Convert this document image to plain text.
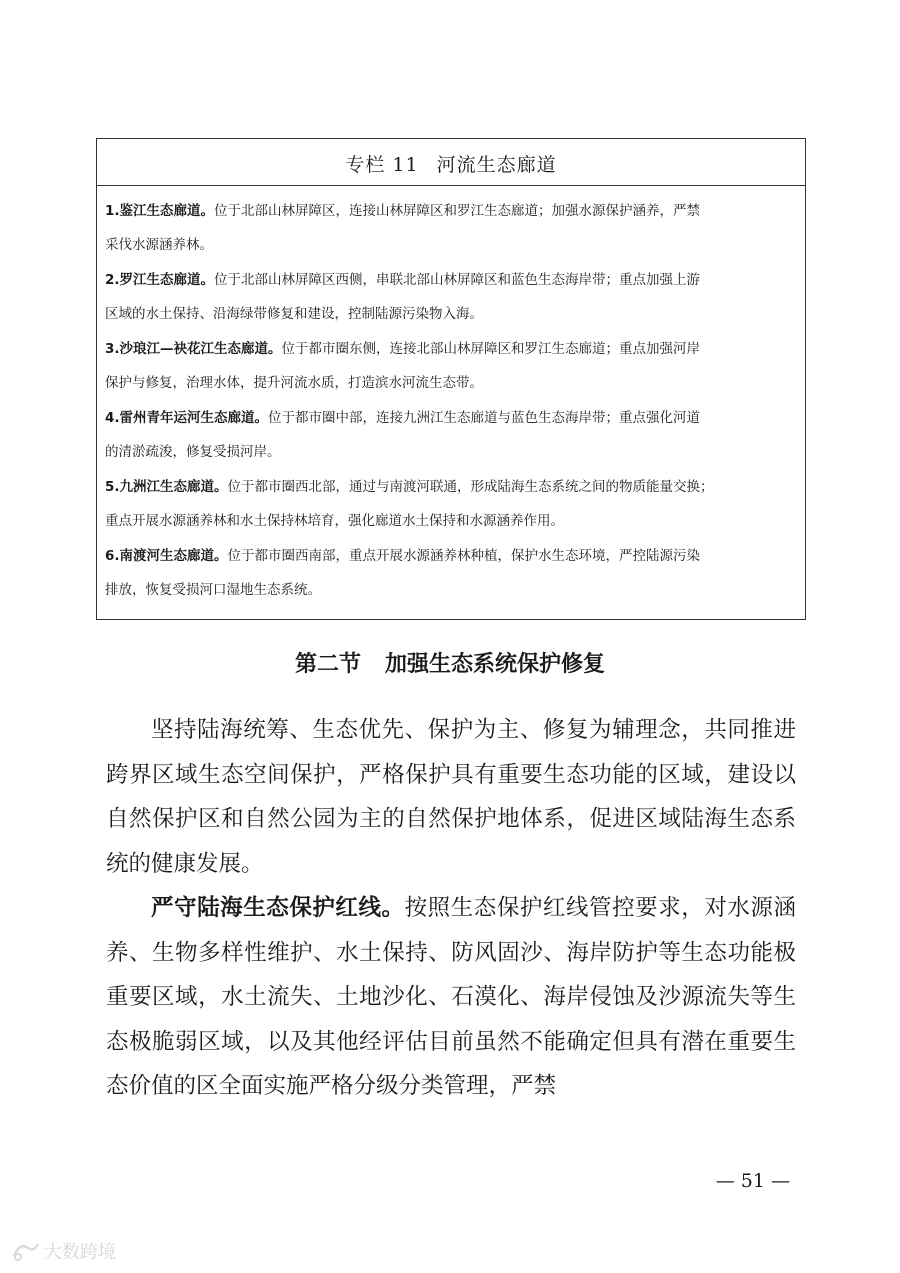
专栏 11 河流生态廊道
1.鉴江生态廊道。位于北部山林屏障区，连接山林屏障区和罗江生态廊道；加强水源保护涵养，严禁
采伐水源涵养林。
2.罗江生态廊道。位于北部山林屏障区西侧，串联北部山林屏障区和蓝色生态海岸带；重点加强上游
区域的水土保持、沿海绿带修复和建设，控制陆源污染物入海。
3.沙琅江—袂花江生态廊道。位于都市圈东侧，连接北部山林屏障区和罗江生态廊道；重点加强河岸
保护与修复，治理水体，提升河流水质，打造滨水河流生态带。
4.雷州青年运河生态廊道。位于都市圈中部，连接九洲江生态廊道与蓝色生态海岸带；重点强化河道
的清淤疏浚，修复受损河岸。
5.九洲江生态廊道。位于都市圈西北部，通过与南渡河联通，形成陆海生态系统之间的物质能量交换；
重点开展水源涵养林和水土保持林培育，强化廊道水土保持和水源涵养作用。
6.南渡河生态廊道。位于都市圈西南部，重点开展水源涵养林种植，保护水生态环境，严控陆源污染
排放，恢复受损河口湿地生态系统。
第二节 加强生态系统保护修复

坚持陆海统筹、生态优先、保护为主、修复为辅理念，共同推进跨界区域生态空间保护，严格保护具有重要生态功能的区域，建设以自然保护区和自然公园为主的自然保护地体系，促进区域陆海生态系统的健康发展。

严守陆海生态保护红线。按照生态保护红线管控要求，对水源涵养、生物多样性维护、水土保持、防风固沙、海岸防护等生态功能极重要区域，水土流失、土地沙化、石漠化、海岸侵蚀及沙源流失等生态极脆弱区域，以及其他经评估目前虽然不能确定但具有潜在重要生态价值的区全面实施严格分级分类管理，严禁

— 51 —
大数跨境
